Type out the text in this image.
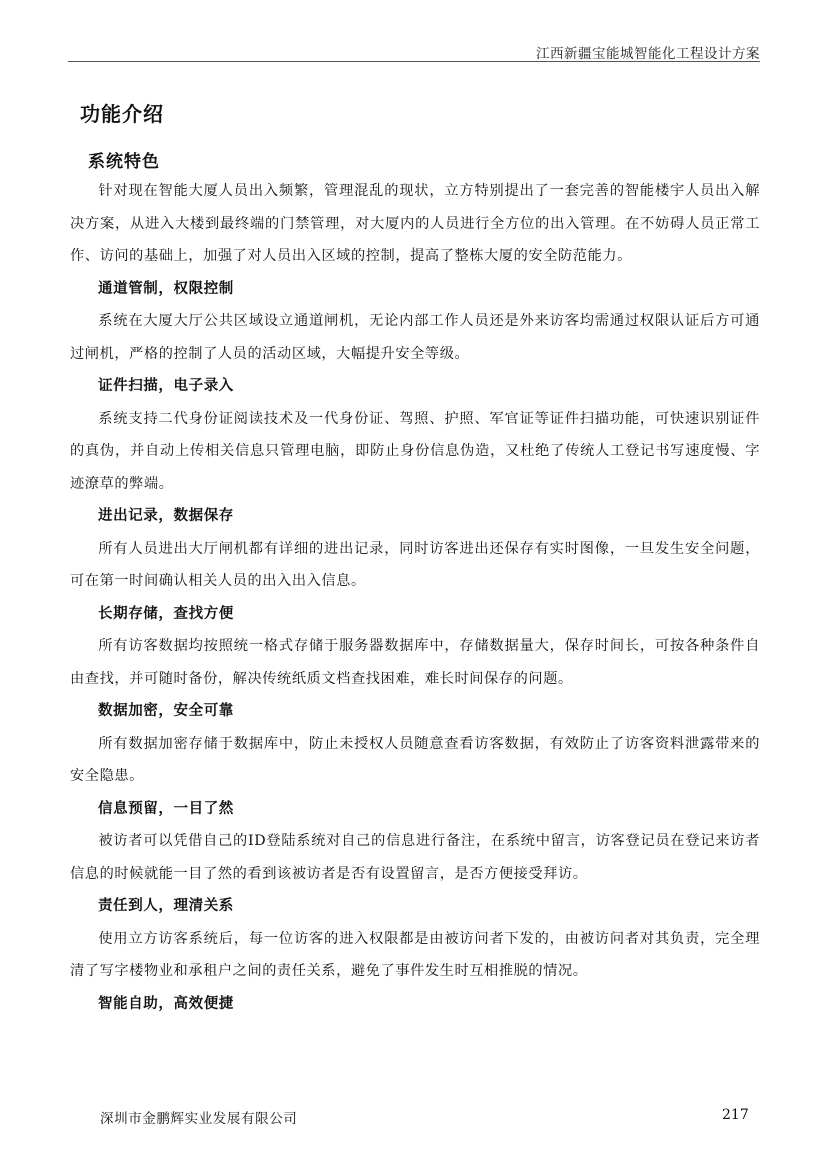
江西新疆宝能城智能化工程设计方案
功能介绍
系统特色

针对现在智能大厦人员出入频繁，管理混乱的现状，立方特别提出了一套完善的智能楼宇人员出入解决方案，从进入大楼到最终端的门禁管理，对大厦内的人员进行全方位的出入管理。在不妨碍人员正常工作、访问的基础上，加强了对人员出入区域的控制，提高了整栋大厦的安全防范能力。

通道管制，权限控制

系统在大厦大厅公共区域设立通道闸机，无论内部工作人员还是外来访客均需通过权限认证后方可通过闸机，严格的控制了人员的活动区域，大幅提升安全等级。

证件扫描，电子录入

系统支持二代身份证阅读技术及一代身份证、驾照、护照、军官证等证件扫描功能，可快速识别证件的真伪，并自动上传相关信息只管理电脑，即防止身份信息伪造，又杜绝了传统人工登记书写速度慢、字迹潦草的弊端。

进出记录，数据保存

所有人员进出大厅闸机都有详细的进出记录，同时访客进出还保存有实时图像，一旦发生安全问题，可在第一时间确认相关人员的出入出入信息。

长期存储，查找方便

所有访客数据均按照统一格式存储于服务器数据库中，存储数据量大，保存时间长，可按各种条件自由查找，并可随时备份，解决传统纸质文档查找困难，难长时间保存的问题。

数据加密，安全可靠

所有数据加密存储于数据库中，防止未授权人员随意查看访客数据，有效防止了访客资料泄露带来的安全隐患。

信息预留，一目了然

被访者可以凭借自己的ID登陆系统对自己的信息进行备注，在系统中留言，访客登记员在登记来访者信息的时候就能一目了然的看到该被访者是否有设置留言，是否方便接受拜访。

责任到人，理清关系

使用立方访客系统后，每一位访客的进入权限都是由被访问者下发的，由被访问者对其负责，完全理清了写字楼物业和承租户之间的责任关系，避免了事件发生时互相推脱的情况。

智能自助，高效便捷

深圳市金鹏辉实业发展有限公司	217
